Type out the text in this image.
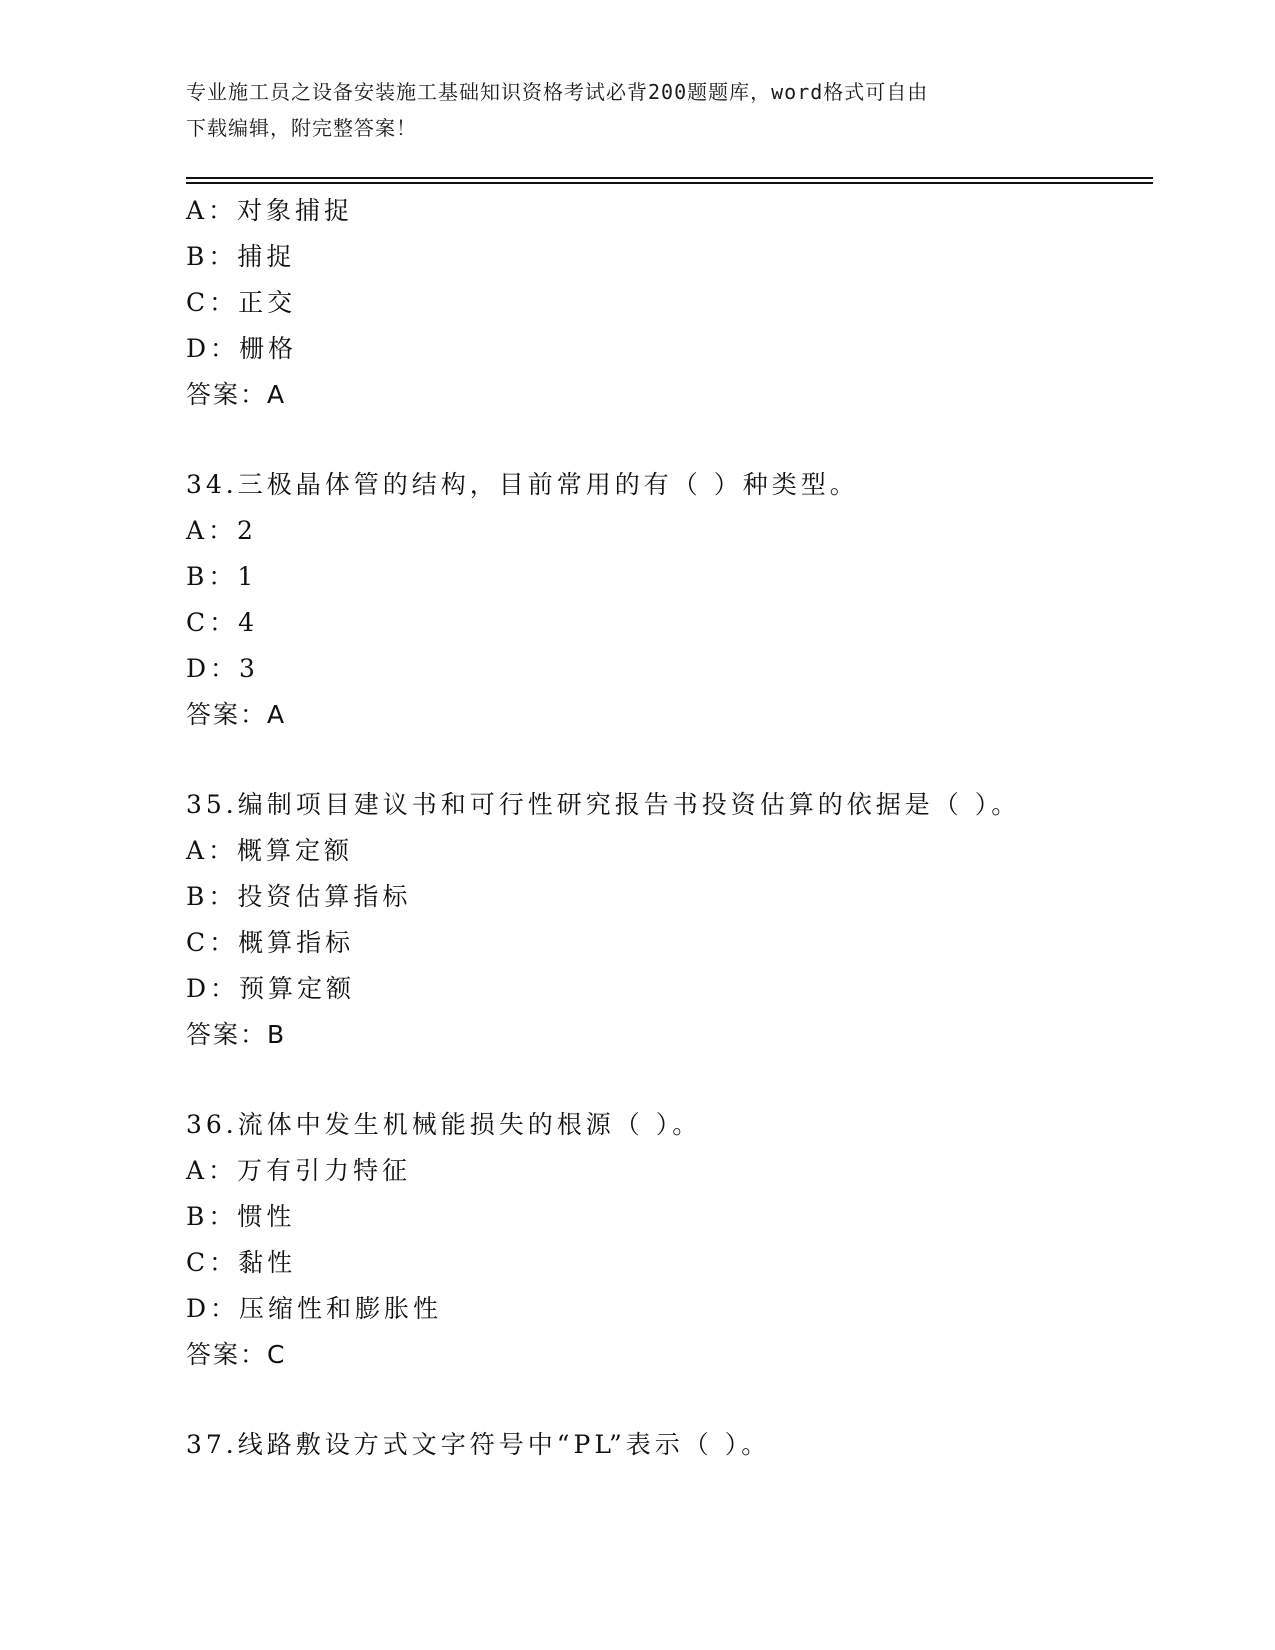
专业施工员之设备安装施工基础知识资格考试必背200题题库，word格式可自由
下载编辑，附完整答案！
A：对象捕捉
B：捕捉
C：正交
D：栅格
答案：A
34.三极晶体管的结构，目前常用的有（ ）种类型。
A：2
B：1
C：4
D：3
答案：A
35.编制项目建议书和可行性研究报告书投资估算的依据是（ ）。
A：概算定额
B：投资估算指标
C：概算指标
D：预算定额
答案：B
36.流体中发生机械能损失的根源（ ）。
A：万有引力特征
B：惯性
C：黏性
D：压缩性和膨胀性
答案：C
37.线路敷设方式文字符号中“PL”表示（ ）。
